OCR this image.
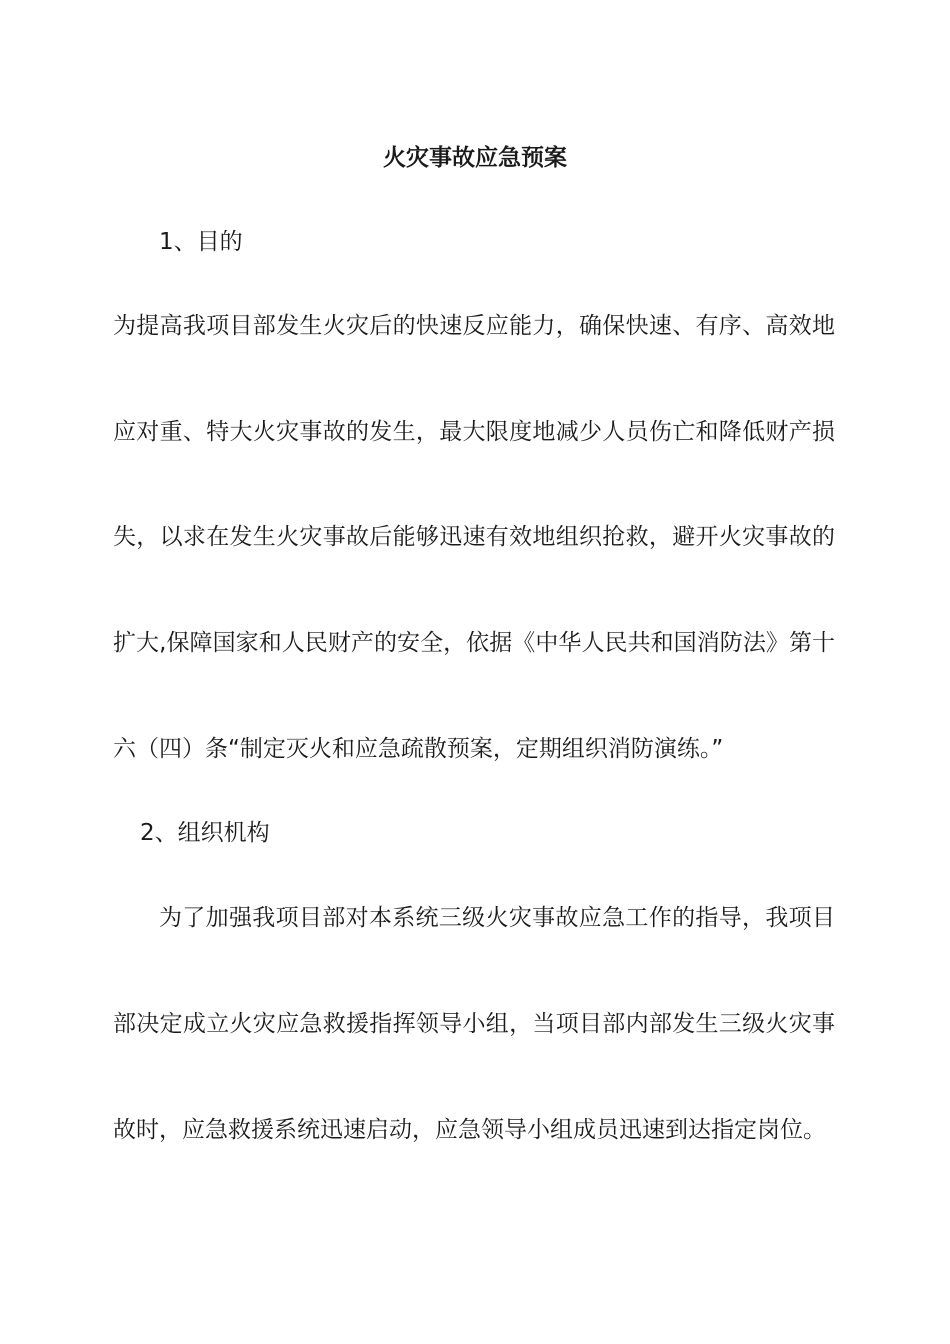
火灾事故应急预案
1、目的
为提高我项目部发生火灾后的快速反应能力，确保快速、有序、高效地
应对重、特大火灾事故的发生，最大限度地减少人员伤亡和降低财产损
失，以求在发生火灾事故后能够迅速有效地组织抢救，避开火灾事故的
扩大,保障国家和人民财产的安全，依据《中华人民共和国消防法》第十
六（四）条“制定灭火和应急疏散预案，定期组织消防演练。”
2、组织机构
为了加强我项目部对本系统三级火灾事故应急工作的指导，我项目
部决定成立火灾应急救援指挥领导小组，当项目部内部发生三级火灾事
故时，应急救援系统迅速启动，应急领导小组成员迅速到达指定岗位。
